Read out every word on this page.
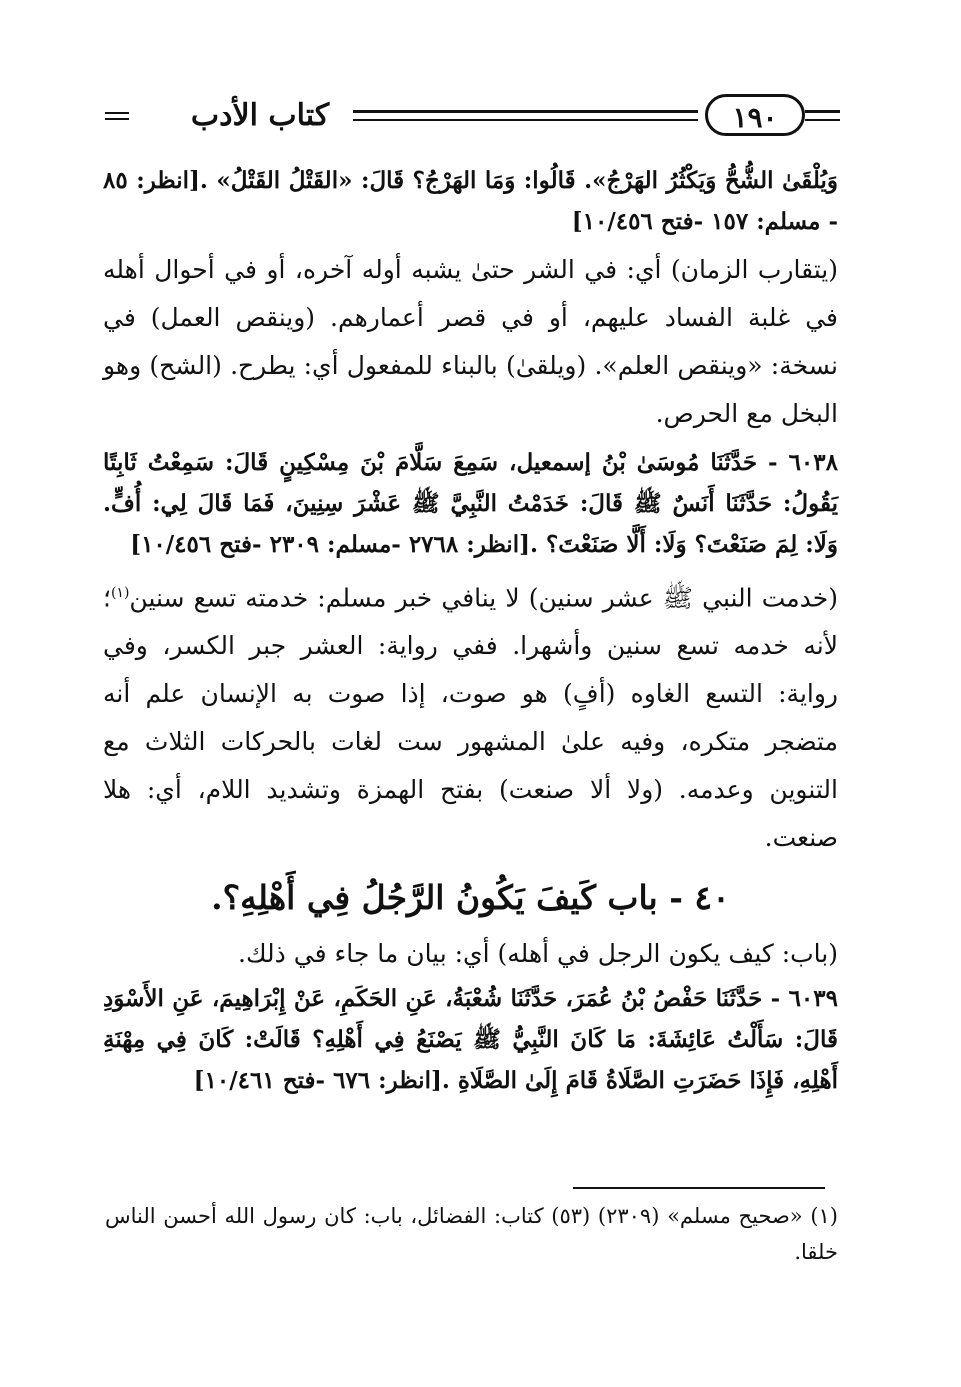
كتاب الأدب	١٩٠

وَيُلْقَىٰ الشُّحُّ وَيَكْثُرُ الهَرْجُ». قَالُوا: وَمَا الهَرْجُ؟ قَالَ: «القَتْلُ القَتْلُ» .[انظر: ٨٥ - مسلم: ١٥٧ -فتح ١٠/٤٥٦]

(يتقارب الزمان) أي: في الشر حتىٰ يشبه أوله آخره، أو في أحوال أهله في غلبة الفساد عليهم، أو في قصر أعمارهم. (وينقص العمل) في نسخة: «وينقص العلم». (ويلقىٰ) بالبناء للمفعول أي: يطرح. (الشح) وهو البخل مع الحرص.

٦٠٣٨ - حَدَّثَنَا مُوسَىٰ بْنُ إسمعيل، سَمِعَ سَلَّامَ بْنَ مِسْكِينٍ قَالَ: سَمِعْتُ ثَابِتًا يَقُولُ: حَدَّثَنَا أَنَسٌ ﷺ قَالَ: خَدَمْتُ النَّبِيَّ ﷺ عَشْرَ سِنِينَ، فَمَا قَالَ لِي: أُفٍّ. وَلَا: لِمَ صَنَعْتَ؟ وَلَا: أَلَّا صَنَعْتَ؟ .[انظر: ٢٧٦٨ -مسلم: ٢٣٠٩ -فتح ١٠/٤٥٦]

(خدمت النبي ﷺ عشر سنين) لا ينافي خبر مسلم: خدمته تسع سنين$^{(١)}$؛ لأنه خدمه تسع سنين وأشهرا. ففي رواية: العشر جبر الكسر، وفي رواية: التسع الغاوه (أفٍ) هو صوت، إذا صوت به الإنسان علم أنه متضجر متكره، وفيه علىٰ المشهور ست لغات بالحركات الثلاث مع التنوين وعدمه. (ولا ألا صنعت) بفتح الهمزة وتشديد اللام، أي: هلا صنعت.

٤٠ - باب كَيفَ يَكُونُ الرَّجُلُ فِي أَهْلِهِ؟.

(باب: كيف يكون الرجل في أهله) أي: بيان ما جاء في ذلك.

٦٠٣٩ - حَدَّثَنَا حَفْصُ بْنُ عُمَرَ، حَدَّثَنَا شُعْبَةُ، عَنِ الحَكَمِ، عَنْ إِبْرَاهِيمَ، عَنِ الأَسْوَدِ قَالَ: سَأَلْتُ عَائِشَةَ: مَا كَانَ النَّبِيُّ ﷺ يَصْنَعُ فِي أَهْلِهِ؟ قَالَتْ: كَانَ فِي مِهْنَةِ أَهْلِهِ، فَإِذَا حَضَرَتِ الصَّلَاةُ قَامَ إِلَىٰ الصَّلَاةِ .[انظر: ٦٧٦ -فتح ١٠/٤٦١]

(١) «صحيح مسلم» (٢٣٠٩) (٥٣) كتاب: الفضائل، باب: كان رسول الله أحسن الناس خلقا.
